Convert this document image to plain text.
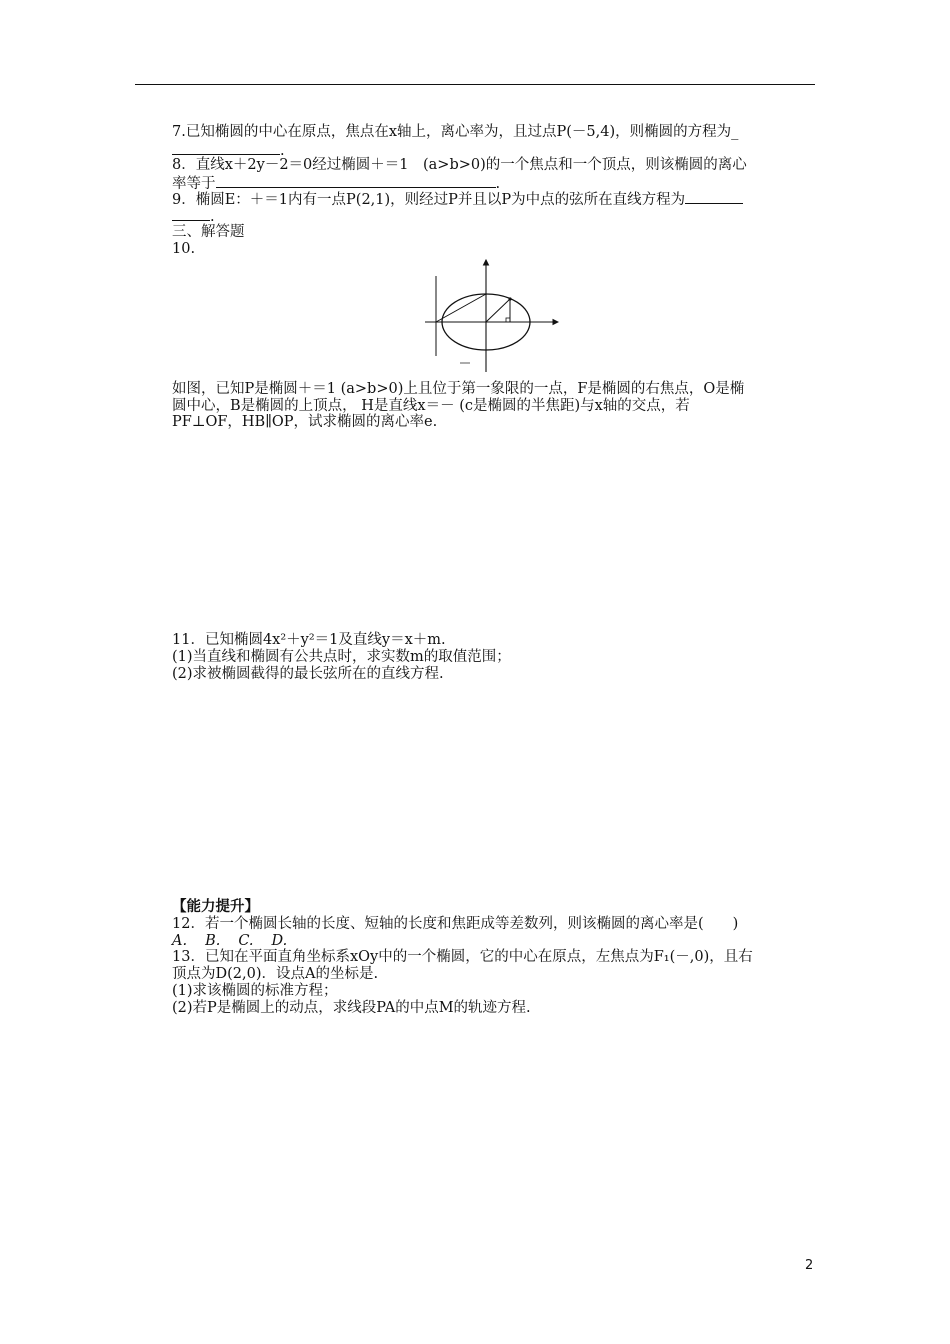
7.已知椭圆的中心在原点，焦点在x轴上，离心率为，且过点P(－5,4)，则椭圆的方程为_
.
8．直线x＋2y－2＝0经过椭圆＋＝1　(a>b>0)的一个焦点和一个顶点，则该椭圆的离心
率等于	.
9．椭圆E：＋＝1内有一点P(2,1)，则经过P并且以P为中点的弦所在直线方程为
.
三、解答题
10.
如图，已知P是椭圆＋＝1 (a>b>0)上且位于第一象限的一点，F是椭圆的右焦点，O是椭
圆中心，B是椭圆的上顶点， H是直线x＝－ (c是椭圆的半焦距)与x轴的交点，若
PF⊥OF，HB∥OP，试求椭圆的离心率e.
11．已知椭圆4x²＋y²＝1及直线y＝x＋m.
(1)当直线和椭圆有公共点时，求实数m的取值范围；
(2)求被椭圆截得的最长弦所在的直线方程.
【能力提升】
12．若一个椭圆长轴的长度、短轴的长度和焦距成等差数列，则该椭圆的离心率是(　　)
A. B. C. D.
13．已知在平面直角坐标系xOy中的一个椭圆，它的中心在原点，左焦点为F₁(－,0)，且右
顶点为D(2,0)．设点A的坐标是.
(1)求该椭圆的标准方程；
(2)若P是椭圆上的动点，求线段PA的中点M的轨迹方程.
2
